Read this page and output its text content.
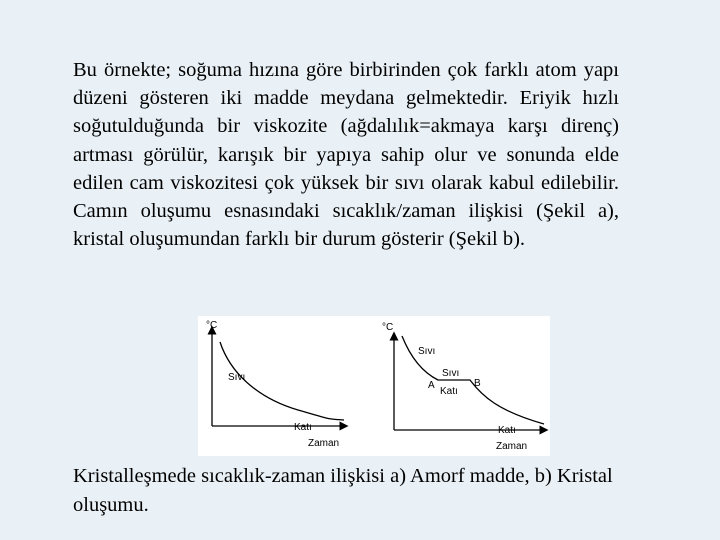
Bu örnekte; soğuma hızına göre birbirinden çok farklı atom yapı düzeni gösteren iki madde meydana gelmektedir. Eriyik hızlı soğutulduğunda bir viskozite (ağdalılık=akmaya karşı direnç) artması görülür, karışık bir yapıya sahip olur ve sonunda elde edilen cam viskozitesi çok yüksek bir sıvı olarak kabul edilebilir. Camın oluşumu esnasındaki sıcaklık/zaman ilişkisi (Şekil a), kristal oluşumundan farklı bir durum gösterir (Şekil b).
°C
Zaman
Sıvı
Katı
°C
Zaman
Sıvı
Sıvı
A	B
Katı
Katı
Kristalleşmede sıcaklık-zaman ilişkisi a) Amorf madde, b) Kristal oluşumu.
